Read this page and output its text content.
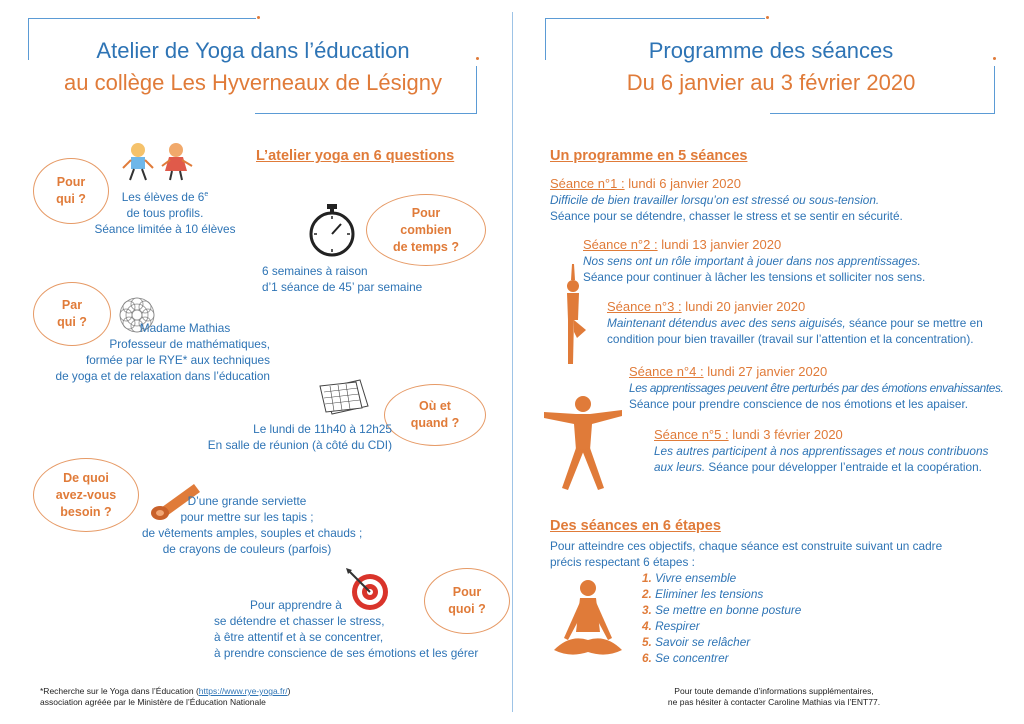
Atelier de Yoga dans l’éducation
au collège Les Hyverneaux de Lésigny
Programme des séances
Du 6 janvier au 3 février 2020
L’atelier yoga en 6 questions
Pour
qui ?	Les élèves de 6e
de tous profils.
Séance limitée à 10 élèves
Pour
combien
de temps ?
6 semaines à raison
d’1 séance de 45’ par semaine
Par
qui ?	Madame Mathias
Professeur de mathématiques,
formée par le RYE* aux techniques
de yoga et de relaxation dans l’éducation
Où et
quand ?
Le lundi de 11h40 à 12h25
En salle de réunion (à côté du CDI)
De quoi
avez-vous
besoin ?
D’une grande serviette
pour mettre sur les tapis ;
de vêtements amples, souples et chauds ;
de crayons de couleurs (parfois)
Pour
quoi ?
Pour apprendre à
se détendre et chasser le stress,
à être attentif et à se concentrer,
à prendre conscience de ses émotions et les gérer
*Recherche sur le Yoga dans l’Éducation (https://www.rye-yoga.fr/)
association agréée par le Ministère de l’Éducation Nationale
Un programme en 5 séances
Séance n°1 : lundi 6 janvier 2020
Difficile de bien travailler lorsqu’on est stressé ou sous-tension.
Séance pour se détendre, chasser le stress et se sentir en sécurité.
Séance n°2 : lundi 13 janvier 2020
Nos sens ont un rôle important à jouer dans nos apprentissages.
Séance pour continuer à lâcher les tensions et solliciter nos sens.
Séance n°3 : lundi 20 janvier 2020
Maintenant détendus avec des sens aiguisés, séance pour se mettre en
condition pour bien travailler (travail sur l’attention et la concentration).
Séance n°4 : lundi 27 janvier 2020
Les apprentissages peuvent être perturbés par des émotions envahissantes.
Séance pour prendre conscience de nos émotions et les apaiser.
Séance n°5 : lundi 3 février 2020
Les autres participent à nos apprentissages et nous contribuons
aux leurs. Séance pour développer l’entraide et la coopération.
Des séances en 6 étapes
Pour atteindre ces objectifs, chaque séance est construite suivant un cadre
précis respectant 6 étapes :
1. Vivre ensemble
2. Eliminer les tensions
3. Se mettre en bonne posture
4. Respirer
5. Savoir se relâcher
6. Se concentrer
Pour toute demande d’informations supplémentaires,
ne pas hésiter à contacter Caroline Mathias via l’ENT77.
